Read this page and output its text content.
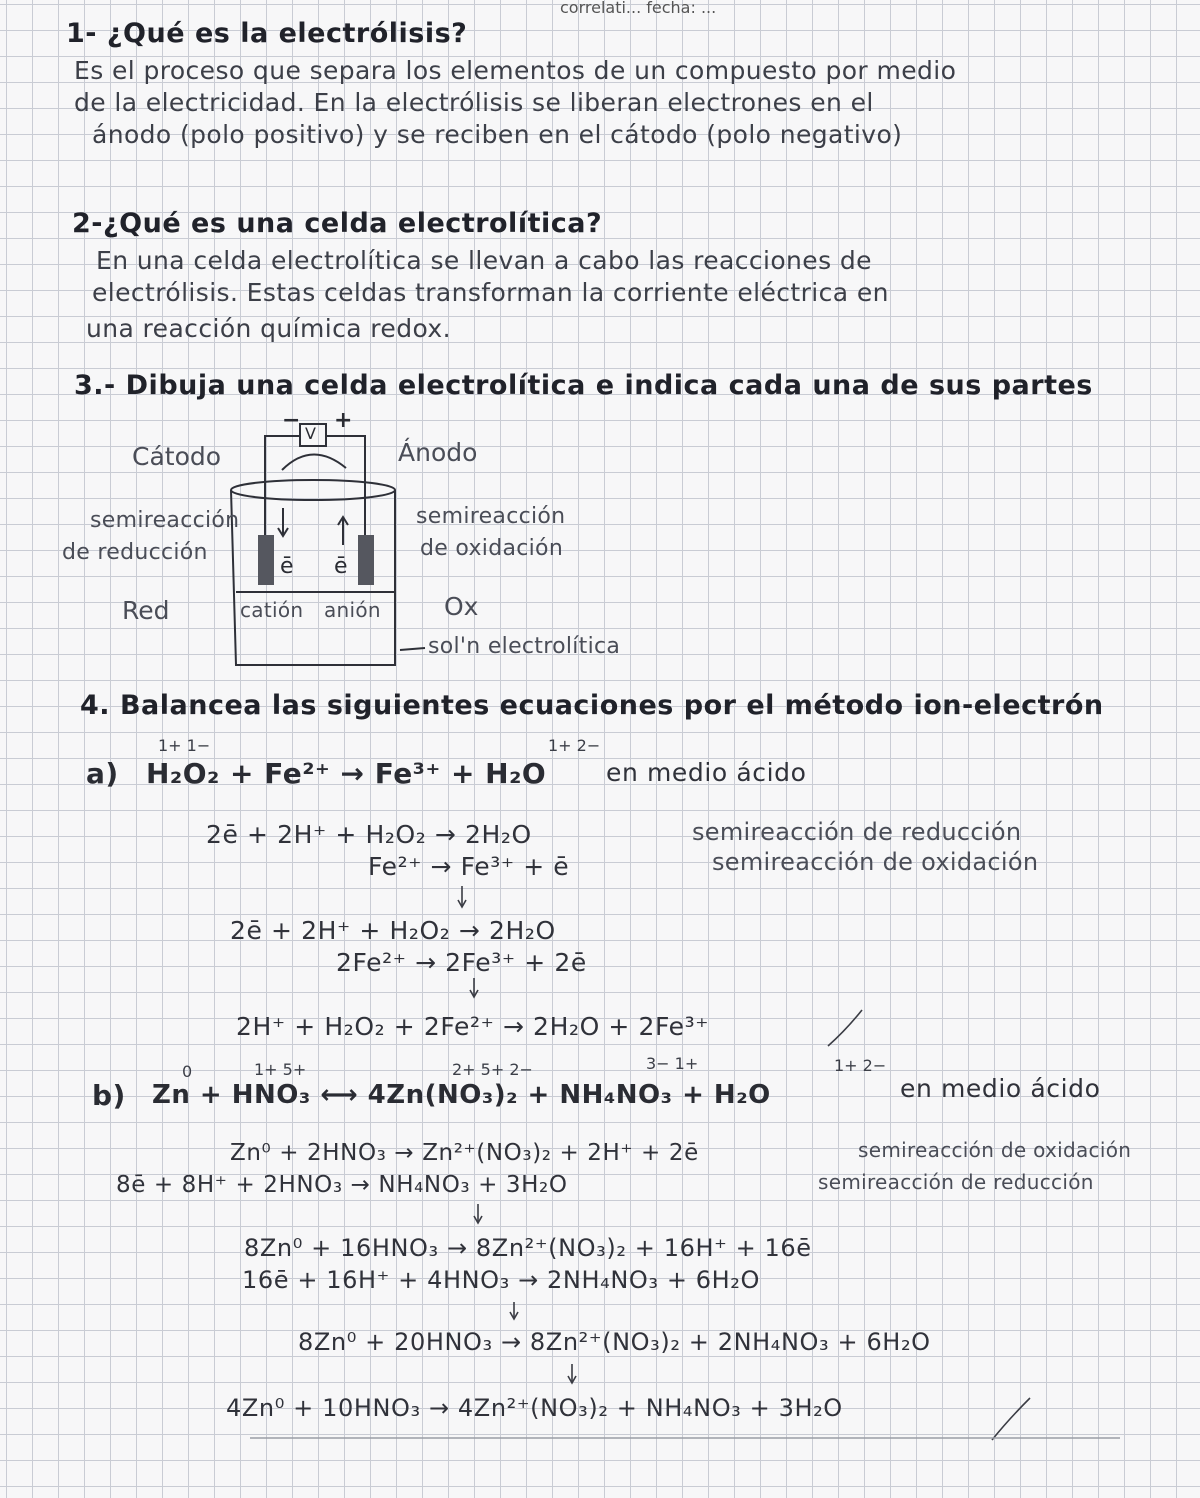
correlati... fecha: ...
1- ¿Qué es la electrólisis?
Es el proceso que separa los elementos de un compuesto por medio
de la electricidad. En la electrólisis se liberan electrones en el
ánodo (polo positivo) y se reciben en el cátodo (polo negativo)
2-¿Qué es una celda electrolítica?
En una celda electrolítica se llevan a cabo las reacciones de
electrólisis. Estas celdas transforman la corriente eléctrica en
una reacción química redox.
3.- Dibuja una celda electrolítica e indica cada una de sus partes
V
− +
Cátodo	Ánodo
semireacción
de reducción
Red
semireacción
de oxidación
Ox
ē ē
catión anión
sol'n electrolítica
4. Balancea las siguientes ecuaciones por el método ion-electrón
1+ 1−	1+ 2−
a) H₂O₂ + Fe²⁺ → Fe³⁺ + H₂O en medio ácido
2ē + 2H⁺ + H₂O₂ → 2H₂O
Fe²⁺ → Fe³⁺ + ē
semireacción de reducción
semireacción de oxidación
2ē + 2H⁺ + H₂O₂ → 2H₂O
2Fe²⁺ → 2Fe³⁺ + 2ē
2H⁺ + H₂O₂ + 2Fe²⁺ → 2H₂O + 2Fe³⁺
0	1+ 5+	2+ 5+ 2−	3− 1+	1+ 2−
b) Zn + HNO₃ ⟷ 4Zn(NO₃)₂ + NH₄NO₃ + H₂O	en medio ácido
Zn⁰ + 2HNO₃ → Zn²⁺(NO₃)₂ + 2H⁺ + 2ē	semireacción de oxidación
8ē + 8H⁺ + 2HNO₃ → NH₄NO₃ + 3H₂O	semireacción de reducción
8Zn⁰ + 16HNO₃ → 8Zn²⁺(NO₃)₂ + 16H⁺ + 16ē
16ē + 16H⁺ + 4HNO₃ → 2NH₄NO₃ + 6H₂O
8Zn⁰ + 20HNO₃ → 8Zn²⁺(NO₃)₂ + 2NH₄NO₃ + 6H₂O
4Zn⁰ + 10HNO₃ → 4Zn²⁺(NO₃)₂ + NH₄NO₃ + 3H₂O
